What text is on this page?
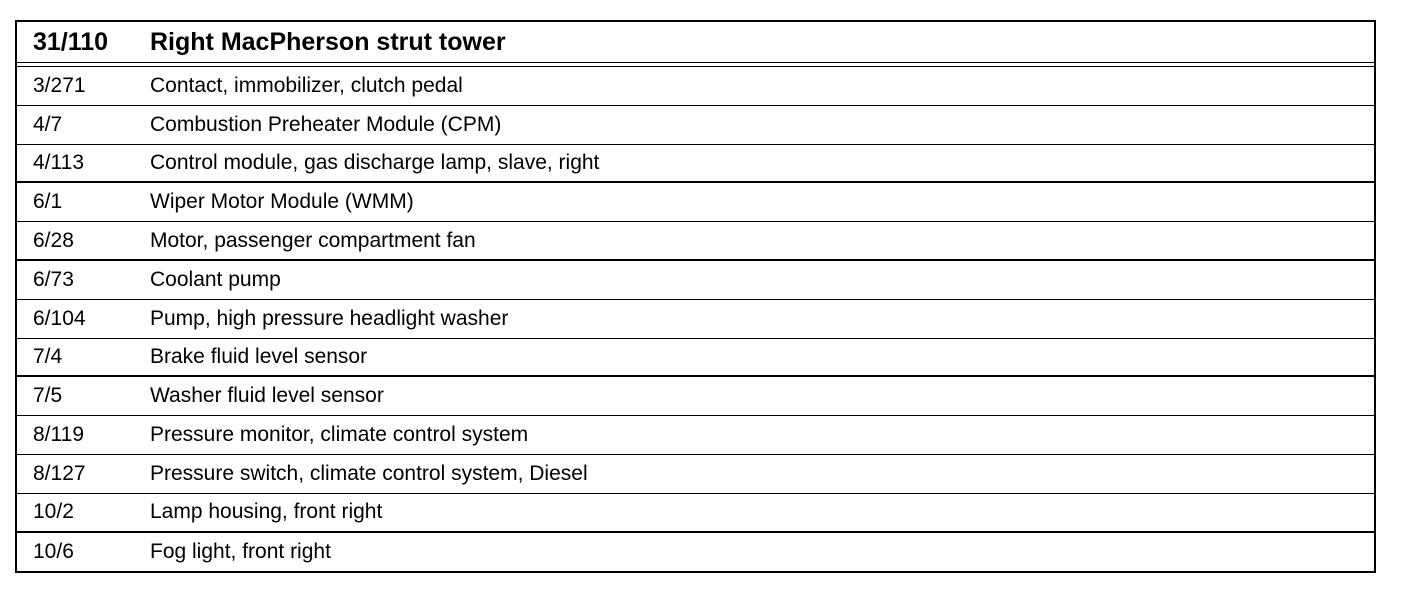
31/110	Right MacPherson strut tower
3/271	Contact, immobilizer, clutch pedal
4/7	Combustion Preheater Module (CPM)
4/113	Control module, gas discharge lamp, slave, right
6/1	Wiper Motor Module (WMM)
6/28	Motor, passenger compartment fan
6/73	Coolant pump
6/104	Pump, high pressure headlight washer
7/4	Brake fluid level sensor
7/5	Washer fluid level sensor
8/119	Pressure monitor, climate control system
8/127	Pressure switch, climate control system, Diesel
10/2	Lamp housing, front right
10/6	Fog light, front right
